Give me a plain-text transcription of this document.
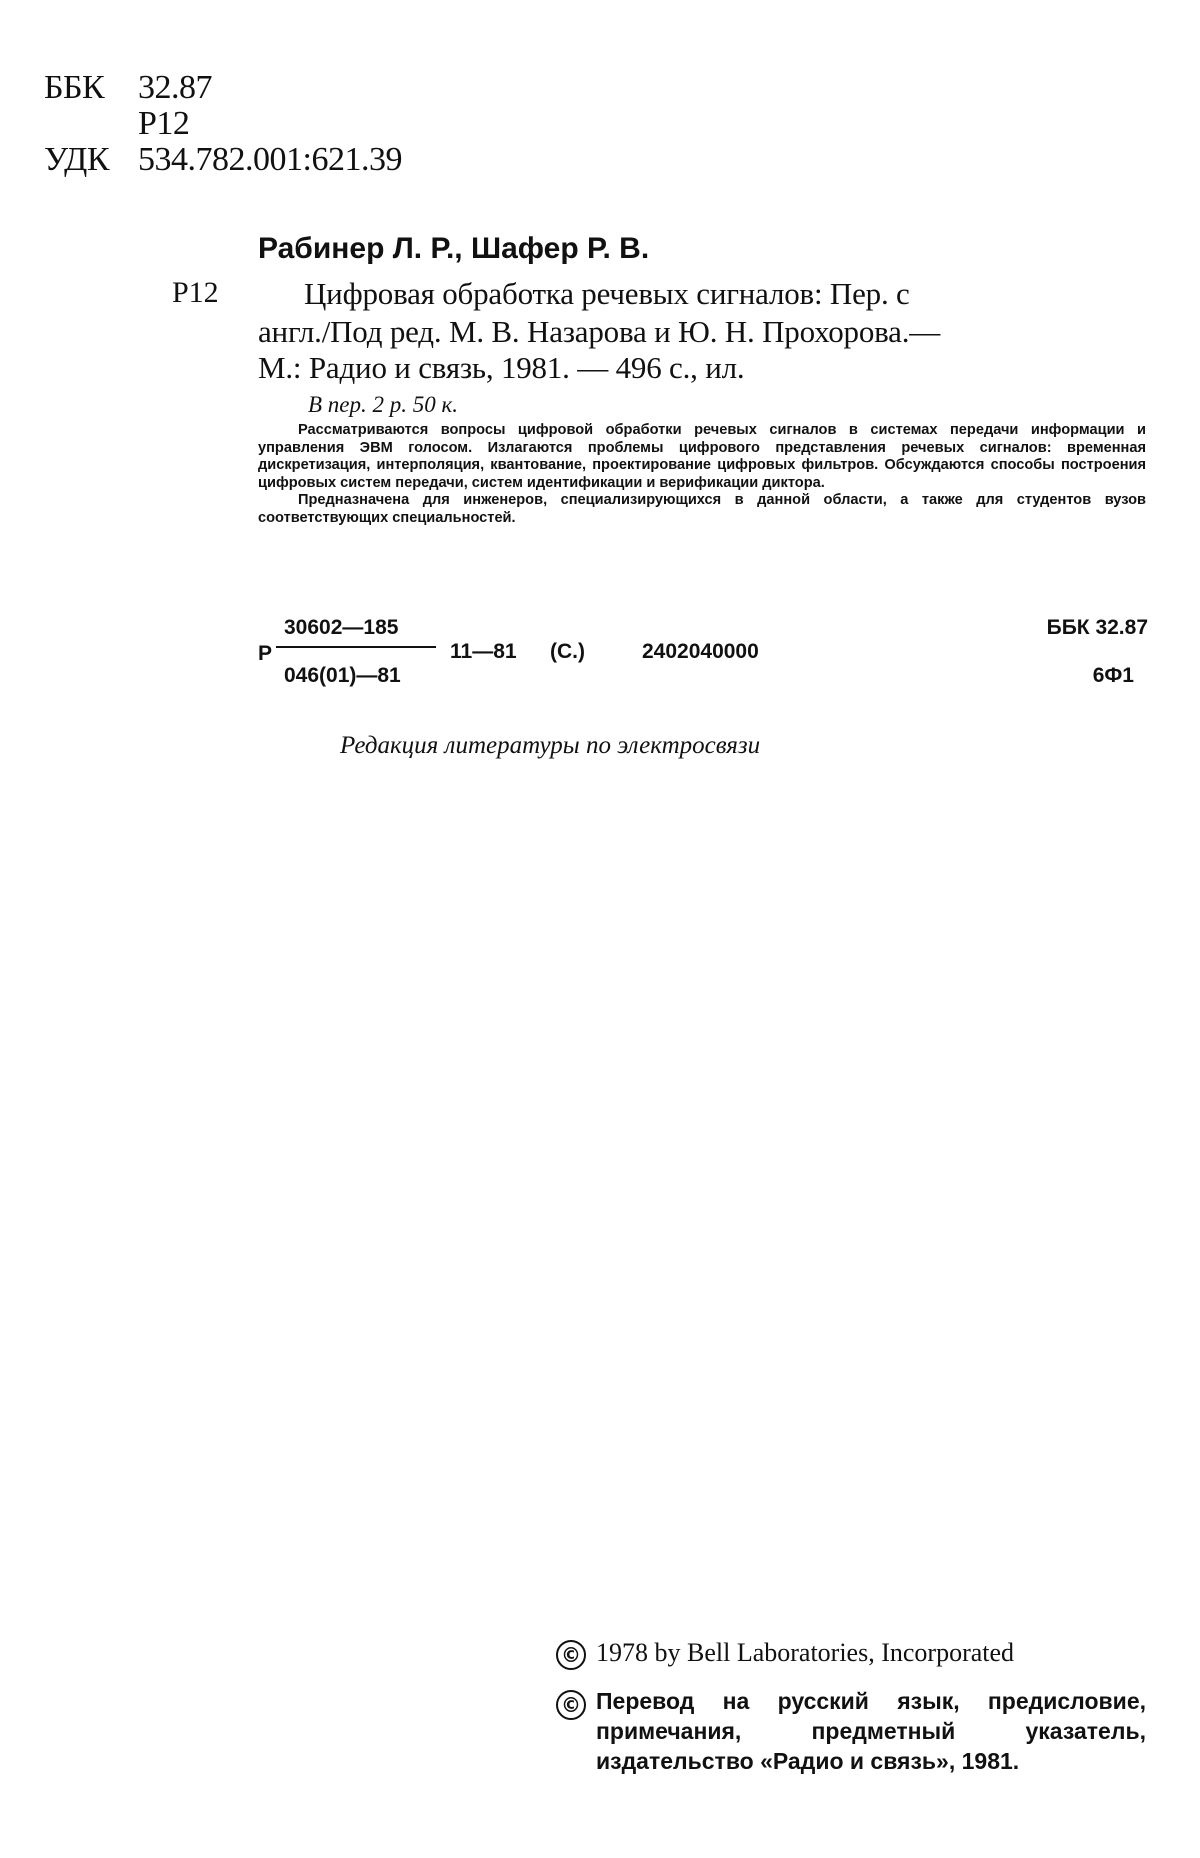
ББК 32.87
Р12
УДК 534.782.001:621.39
Рабинер Л. Р., Шафер Р. В.
Р12	Цифровая обработка речевых сигналов: Пер. с
англ./Под ред. М. В. Назарова и Ю. Н. Прохорова.—
М.: Радио и связь, 1981. — 496 с., ил.
В пер. 2 р. 50 к.

Рассматриваются вопросы цифровой обработки речевых сигналов в системах передачи информации и управления ЭВМ голосом. Излагаются проблемы цифрового представления речевых сигналов: временная дискретизация, интерполяция, квантование, проектирование цифровых фильтров. Обсуждаются способы построения цифровых систем передачи, систем идентификации и верификации диктора.

Предназначена для инженеров, специализирующихся в данной области, а также для студентов вузов соответствующих специальностей.

Р
30602—185
046(01)—81
11—81 (С.)	2402040000
ББК 32.87
6Ф1
Редакция литературы по электросвязи
© 1978 by Bell Laboratories, Incorporated
© Перевод на русский язык, предисловие, примечания, предметный указатель, издательство «Радио и связь», 1981.
